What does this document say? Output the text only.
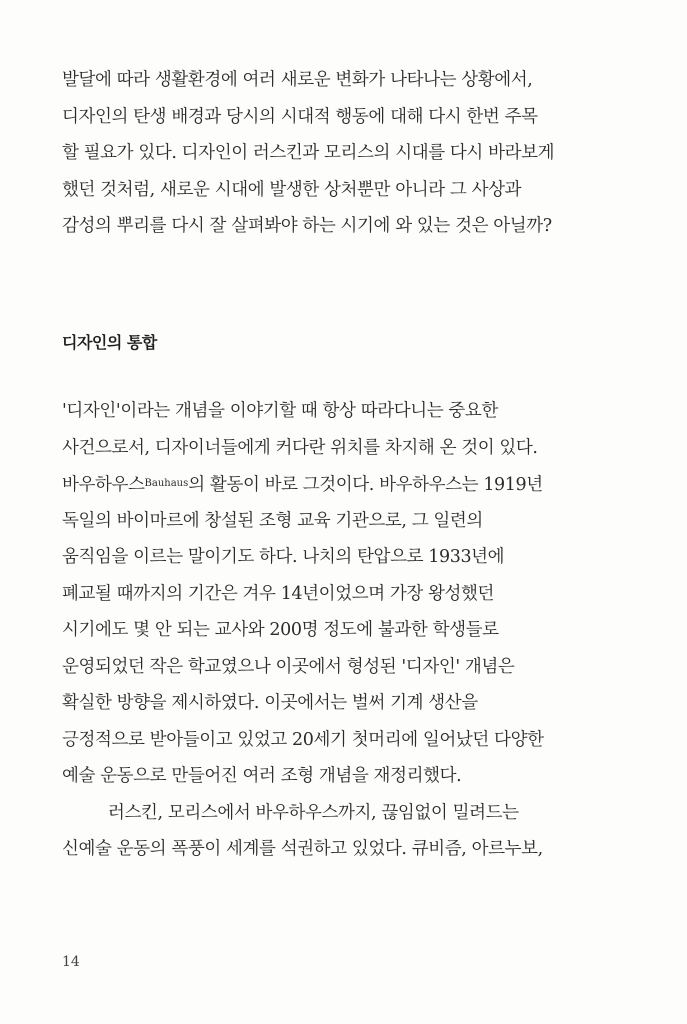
발달에 따라 생활환경에 여러 새로운 변화가 나타나는 상황에서,
디자인의 탄생 배경과 당시의 시대적 행동에 대해 다시 한번 주목
할 필요가 있다. 디자인이 러스킨과 모리스의 시대를 다시 바라보게
했던 것처럼, 새로운 시대에 발생한 상처뿐만 아니라 그 사상과
감성의 뿌리를 다시 잘 살펴봐야 하는 시기에 와 있는 것은 아닐까?

디자인의 통합

'디자인'이라는 개념을 이야기할 때 항상 따라다니는 중요한
사건으로서, 디자이너들에게 커다란 위치를 차지해 온 것이 있다.
바우하우스$^{Bauhaus}$의 활동이 바로 그것이다. 바우하우스는 1919년
독일의 바이마르에 창설된 조형 교육 기관으로, 그 일련의
움직임을 이르는 말이기도 하다. 나치의 탄압으로 1933년에
폐교될 때까지의 기간은 겨우 14년이었으며 가장 왕성했던
시기에도 몇 안 되는 교사와 200명 정도에 불과한 학생들로
운영되었던 작은 학교였으나 이곳에서 형성된 '디자인' 개념은
확실한 방향을 제시하였다. 이곳에서는 벌써 기계 생산을
긍정적으로 받아들이고 있었고 20세기 첫머리에 일어났던 다양한
예술 운동으로 만들어진 여러 조형 개념을 재정리했다.
러스킨, 모리스에서 바우하우스까지, 끊임없이 밀려드는
신예술 운동의 폭풍이 세계를 석권하고 있었다. 큐비즘, 아르누보,

14
